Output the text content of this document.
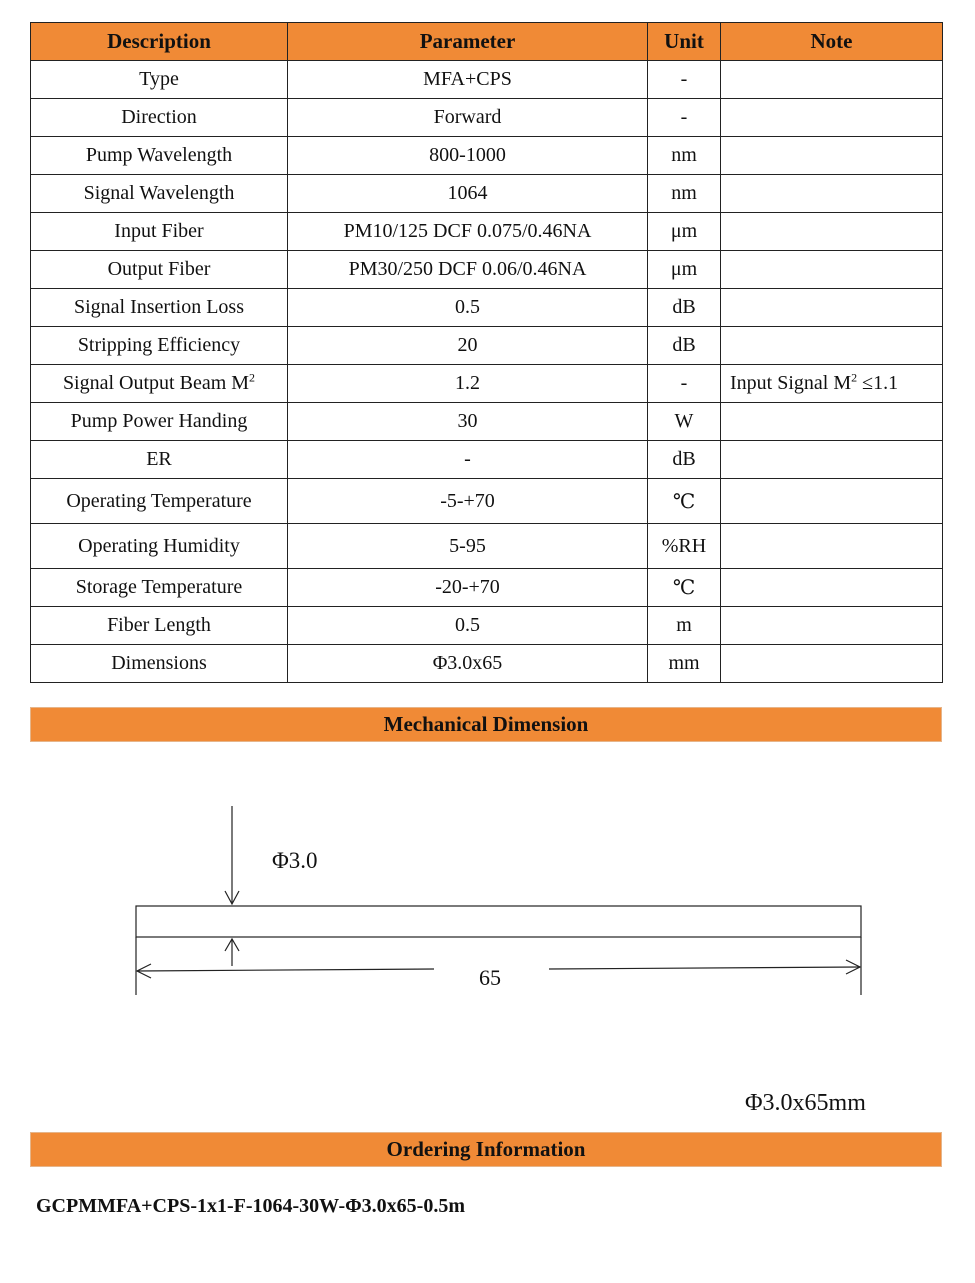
Description	Parameter	Unit	Note
Type	MFA+CPS	-	
Direction	Forward	-	
Pump Wavelength	800-1000	nm	
Signal Wavelength	1064	nm	
Input Fiber	PM10/125 DCF 0.075/0.46NA	μm	
Output Fiber	PM30/250 DCF 0.06/0.46NA	μm	
Signal Insertion Loss	0.5	dB	
Stripping Efficiency	20	dB	
Signal Output Beam $M^2$	1.2	-	Input Signal $M^2 \le 1.1$
Pump Power Handing	30	W	
ER	-	dB	
Operating Temperature	-5-+70	℃	
Operating Humidity	5-95	%RH	
Storage Temperature	-20-+70	℃	
Fiber Length	0.5	m	
Dimensions	Φ3.0x65	mm	
Mechanical Dimension
Φ3.0
65
Φ3.0x65mm
Ordering Information
GCPMMFA+CPS-1x1-F-1064-30W-Φ3.0x65-0.5m
